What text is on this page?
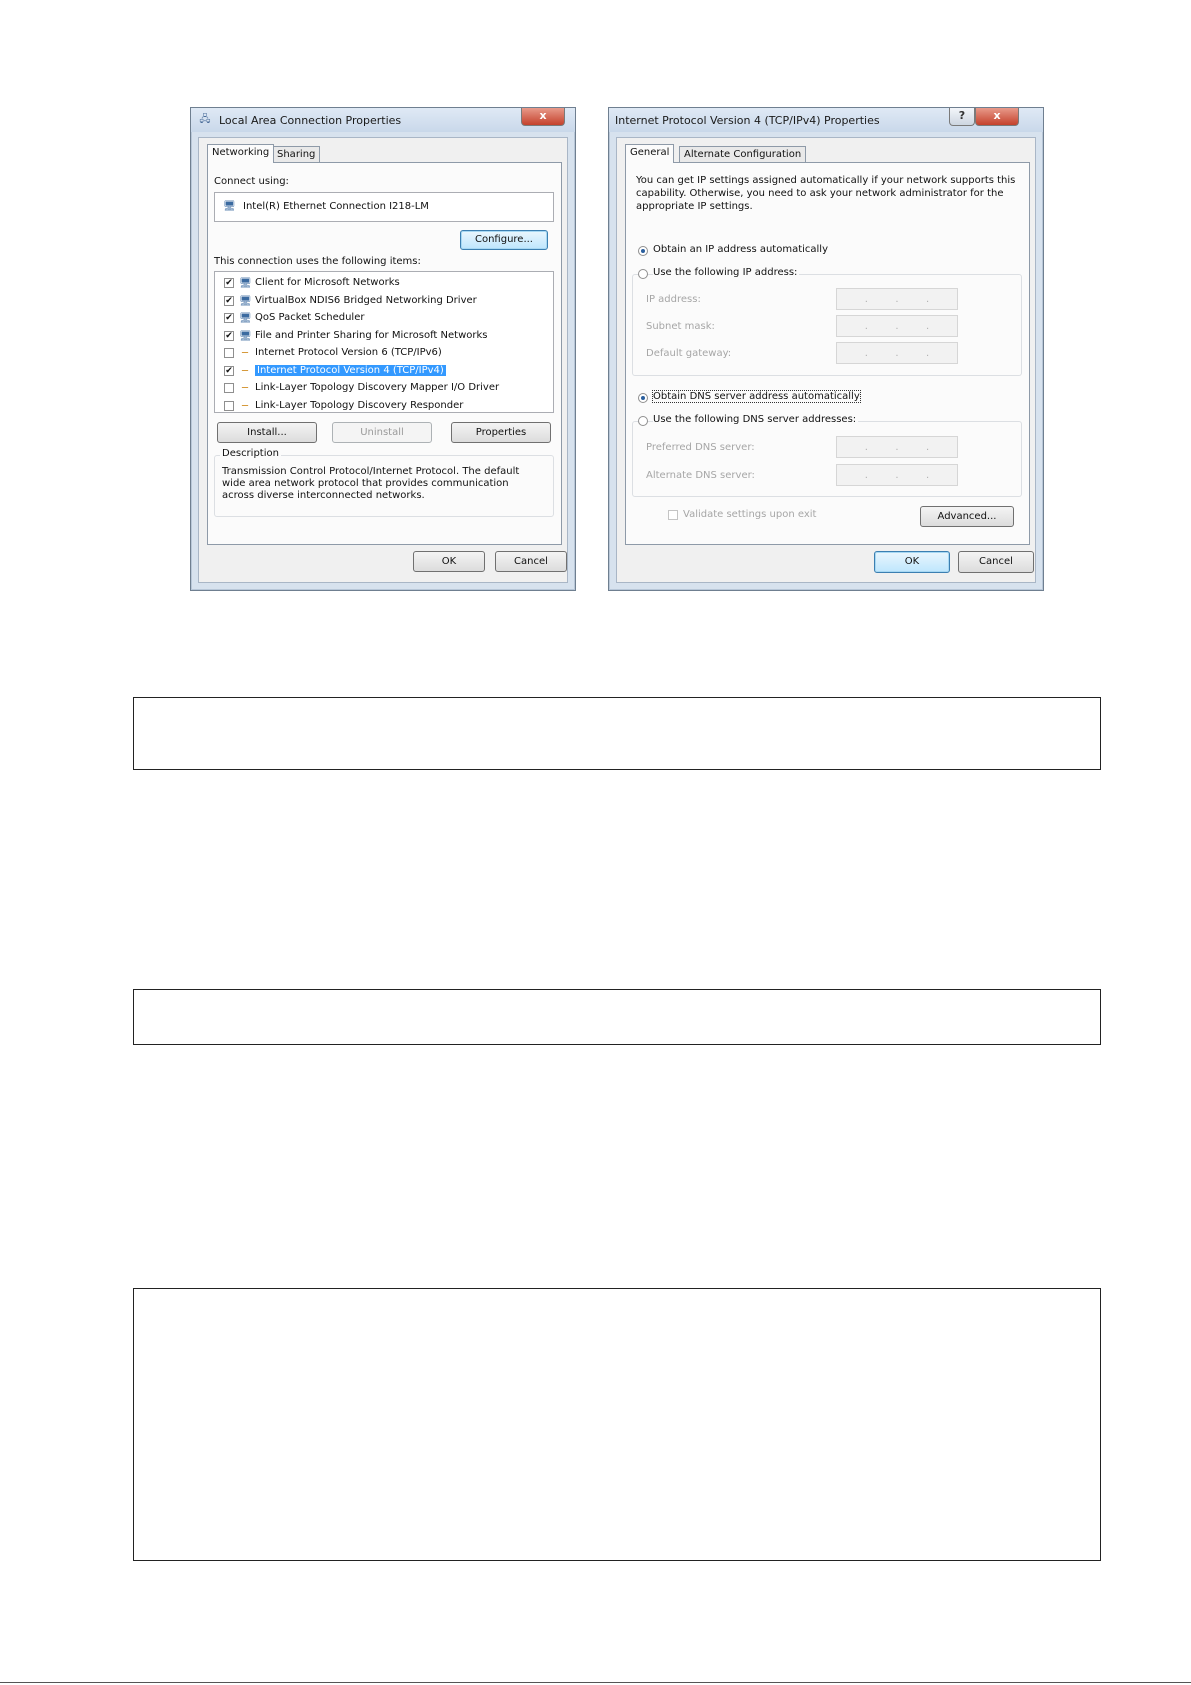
🖧 Local Area Connection Properties	x
Networking Sharing
Connect using:
🖥 Intel(R) Ethernet Connection I218-LM
Configure...
This connection uses the following items:
✔ 🖥 Client for Microsoft Networks
✔ 🖥 VirtualBox NDIS6 Bridged Networking Driver
✔ 🖥 QoS Packet Scheduler
✔ 🖥 File and Printer Sharing for Microsoft Networks
─ Internet Protocol Version 6 (TCP/IPv6)
✔ ─ Internet Protocol Version 4 (TCP/IPv4)
─ Link-Layer Topology Discovery Mapper I/O Driver
─ Link-Layer Topology Discovery Responder
Install...	Uninstall	Properties
Description
Transmission Control Protocol/Internet Protocol. The default wide area network protocol that provides communication across diverse interconnected networks.
OK	Cancel
Internet Protocol Version 4 (TCP/IPv4) Properties	?	x
General	Alternate Configuration
You can get IP settings assigned automatically if your network supports this capability. Otherwise, you need to ask your network administrator for the appropriate IP settings.
Obtain an IP address automatically
Use the following IP address:
IP address:	.	.	.
Subnet mask:	.	.	.
Default gateway:	.	.	.
Obtain DNS server address automatically
Use the following DNS server addresses:
Preferred DNS server:	.	.	.
Alternate DNS server:	.	.	.
Validate settings upon exit	Advanced...
OK	Cancel
